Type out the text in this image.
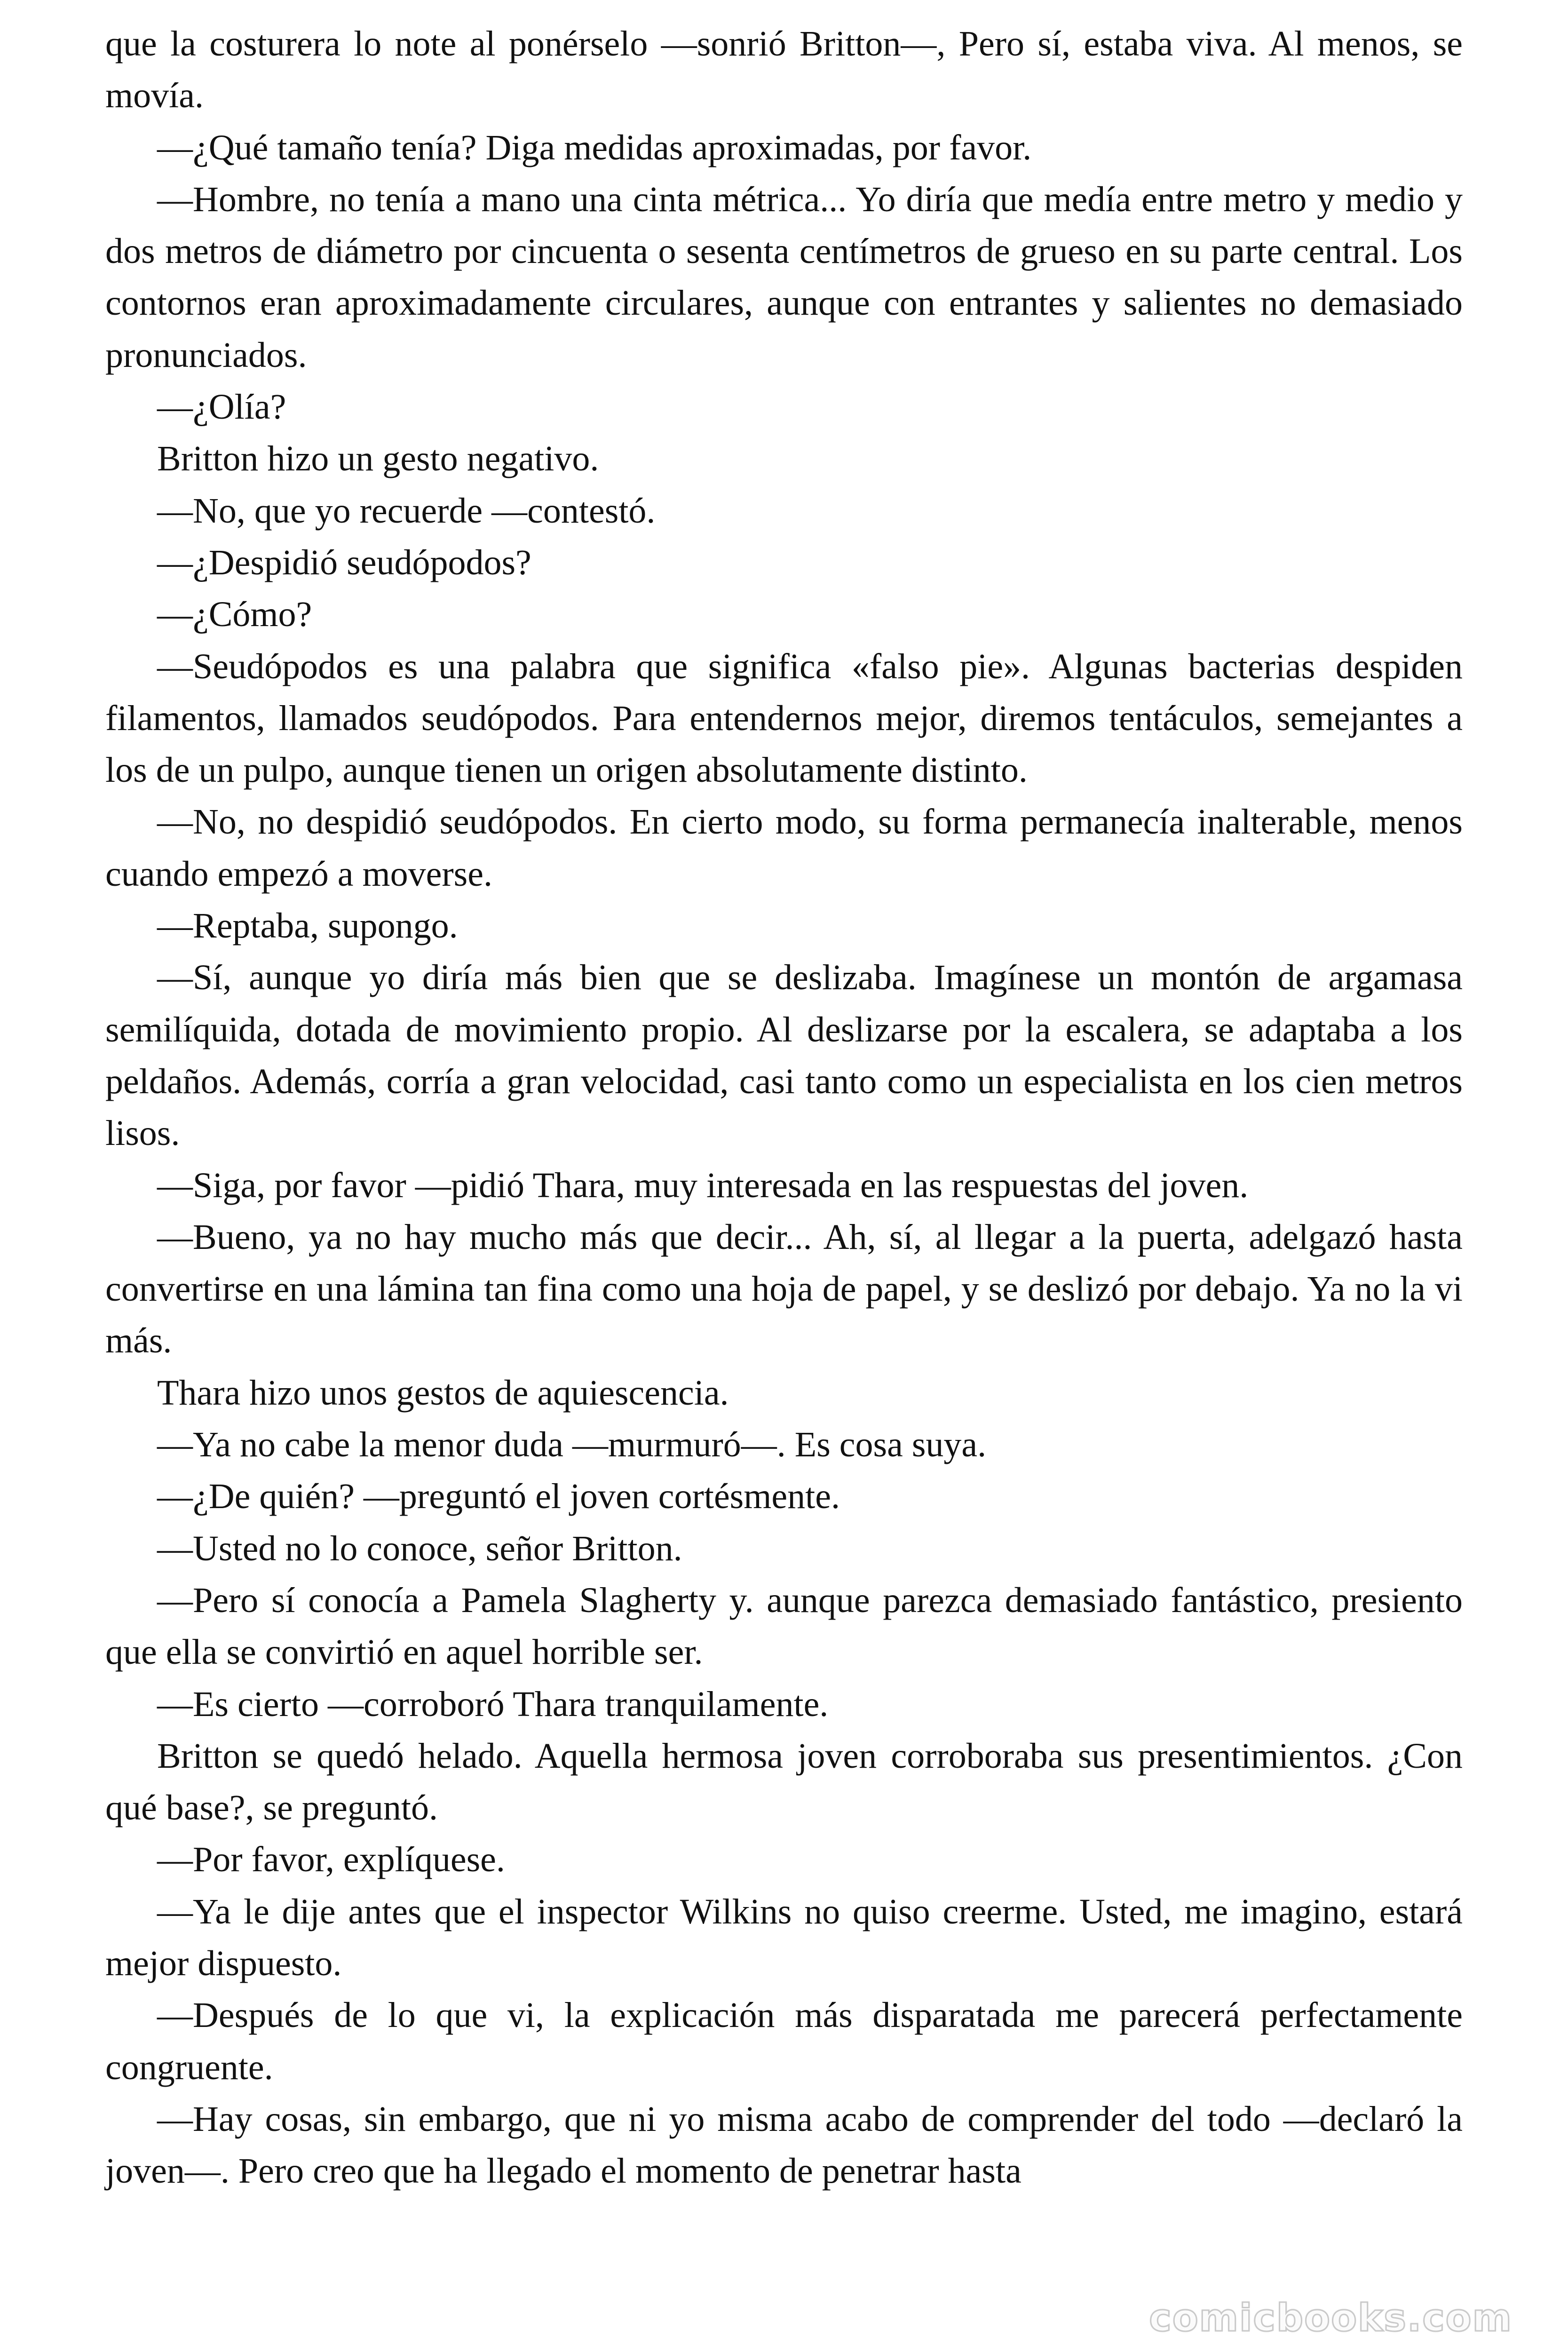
que la costurera lo note al ponérselo —sonrió Britton—, Pero sí, estaba viva. Al menos, se movía.

—¿Qué tamaño tenía? Diga medidas aproximadas, por favor.

—Hombre, no tenía a mano una cinta métrica... Yo diría que medía entre metro y medio y dos metros de diámetro por cincuenta o sesenta centímetros de grueso en su parte central. Los contornos eran aproximadamente circulares, aunque con entrantes y salientes no demasiado pronunciados.

—¿Olía?

Britton hizo un gesto negativo.

—No, que yo recuerde —contestó.

—¿Despidió seudópodos?

—¿Cómo?

—Seudópodos es una palabra que significa «falso pie». Algunas bacterias despiden filamentos, llamados seudópodos. Para entendernos mejor, diremos tentáculos, semejantes a los de un pulpo, aunque tienen un origen absolutamente distinto.

—No, no despidió seudópodos. En cierto modo, su forma permanecía inalterable, menos cuando empezó a moverse.

—Reptaba, supongo.

—Sí, aunque yo diría más bien que se deslizaba. Imagínese un montón de argamasa semilíquida, dotada de movimiento propio. Al deslizarse por la escalera, se adaptaba a los peldaños. Además, corría a gran velocidad, casi tanto como un especialista en los cien metros lisos.

—Siga, por favor —pidió Thara, muy interesada en las respuestas del joven.

—Bueno, ya no hay mucho más que decir... Ah, sí, al llegar a la puerta, adelgazó hasta convertirse en una lámina tan fina como una hoja de papel, y se deslizó por debajo. Ya no la vi más.

Thara hizo unos gestos de aquiescencia.

—Ya no cabe la menor duda —murmuró—. Es cosa suya.

—¿De quién? —preguntó el joven cortésmente.

—Usted no lo conoce, señor Britton.

—Pero sí conocía a Pamela Slagherty y. aunque parezca demasiado fantástico, presiento que ella se convirtió en aquel horrible ser.

—Es cierto —corroboró Thara tranquilamente.

Britton se quedó helado. Aquella hermosa joven corroboraba sus presentimientos. ¿Con qué base?, se preguntó.

—Por favor, explíquese.

—Ya le dije antes que el inspector Wilkins no quiso creerme. Usted, me imagino, estará mejor dispuesto.

—Después de lo que vi, la explicación más disparatada me parecerá perfectamente congruente.

—Hay cosas, sin embargo, que ni yo misma acabo de comprender del todo —declaró la joven—. Pero creo que ha llegado el momento de penetrar hasta

comicbooks.com
